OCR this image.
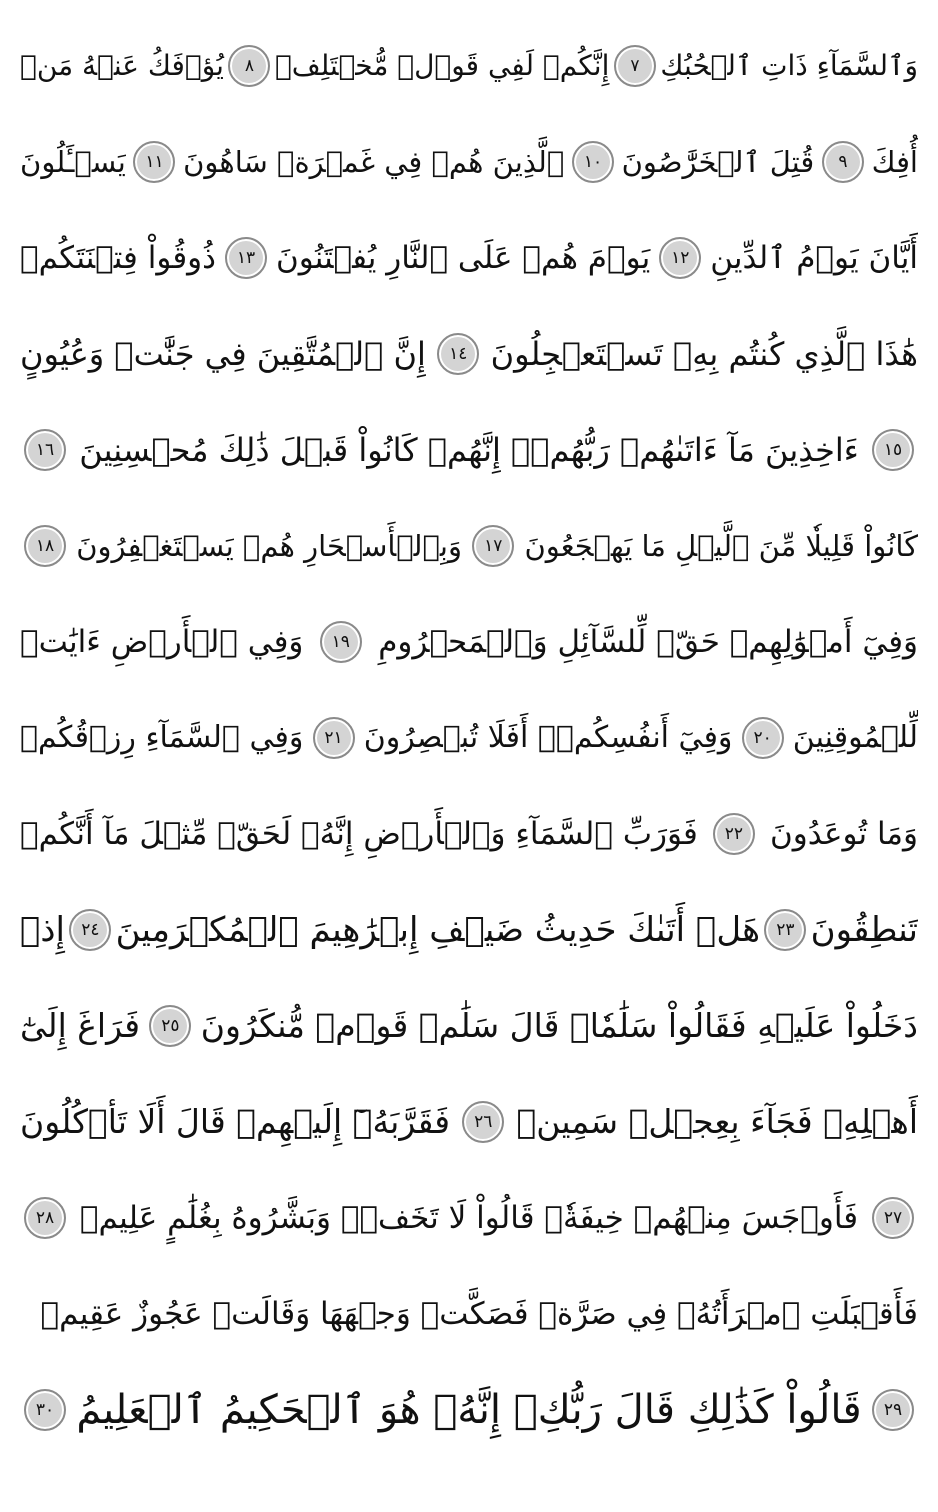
وَٱلسَّمَآءِ ذَاتِ ٱلۡحُبُكِ
٧
إِنَّكُمۡ لَفِي قَوۡلٖ مُّخۡتَلِفٖ
٨
يُؤۡفَكُ عَنۡهُ مَنۡ
أُفِكَ
٩
قُتِلَ ٱلۡخَرَّٰصُونَ
١٠
ٱلَّذِينَ هُمۡ فِي غَمۡرَةٖ سَاهُونَ
١١
يَسۡـَٔلُونَ
أَيَّانَ يَوۡمُ ٱلدِّينِ
١٢
يَوۡمَ هُمۡ عَلَى ٱلنَّارِ يُفۡتَنُونَ
١٣
ذُوقُواْ فِتۡنَتَكُمۡ
هَٰذَا ٱلَّذِي كُنتُم بِهِۦ تَسۡتَعۡجِلُونَ
١٤
إِنَّ ٱلۡمُتَّقِينَ فِي جَنَّٰتٖ وَعُيُونٍ
١٥
ءَاخِذِينَ مَآ ءَاتَىٰهُمۡ رَبُّهُمۡۚ إِنَّهُمۡ كَانُواْ قَبۡلَ ذَٰلِكَ مُحۡسِنِينَ
١٦
كَانُواْ قَلِيلٗا مِّنَ ٱلَّيۡلِ مَا يَهۡجَعُونَ
١٧
وَبِٱلۡأَسۡحَارِ هُمۡ يَسۡتَغۡفِرُونَ
١٨
وَفِيٓ أَمۡوَٰلِهِمۡ حَقّٞ لِّلسَّآئِلِ وَٱلۡمَحۡرُومِ
١٩
وَفِي ٱلۡأَرۡضِ ءَايَٰتٞ
لِّلۡمُوقِنِينَ
٢٠
وَفِيٓ أَنفُسِكُمۡۚ أَفَلَا تُبۡصِرُونَ
٢١
وَفِي ٱلسَّمَآءِ رِزۡقُكُمۡ
وَمَا تُوعَدُونَ
٢٢
فَوَرَبِّ ٱلسَّمَآءِ وَٱلۡأَرۡضِ إِنَّهُۥ لَحَقّٞ مِّثۡلَ مَآ أَنَّكُمۡ
تَنطِقُونَ
٢٣
هَلۡ أَتَىٰكَ حَدِيثُ ضَيۡفِ إِبۡرَٰهِيمَ ٱلۡمُكۡرَمِينَ
٢٤
إِذۡ
دَخَلُواْ عَلَيۡهِ فَقَالُواْ سَلَٰمٗاۖ قَالَ سَلَٰمٞ قَوۡمٞ مُّنكَرُونَ
٢٥
فَرَاغَ إِلَىٰٓ
أَهۡلِهِۦ فَجَآءَ بِعِجۡلٖ سَمِينٖ
٢٦
فَقَرَّبَهُۥٓ إِلَيۡهِمۡ قَالَ أَلَا تَأۡكُلُونَ
٢٧
فَأَوۡجَسَ مِنۡهُمۡ خِيفَةٗۖ قَالُواْ لَا تَخَفۡۖ وَبَشَّرُوهُ بِغُلَٰمٍ عَلِيمٖ
٢٨
فَأَقۡبَلَتِ ٱمۡرَأَتُهُۥ فِي صَرَّةٖ فَصَكَّتۡ وَجۡهَهَا وَقَالَتۡ عَجُوزٌ عَقِيمٞ
٢٩
قَالُواْ كَذَٰلِكِ قَالَ رَبُّكِۖ إِنَّهُۥ هُوَ ٱلۡحَكِيمُ ٱلۡعَلِيمُ
٣٠
